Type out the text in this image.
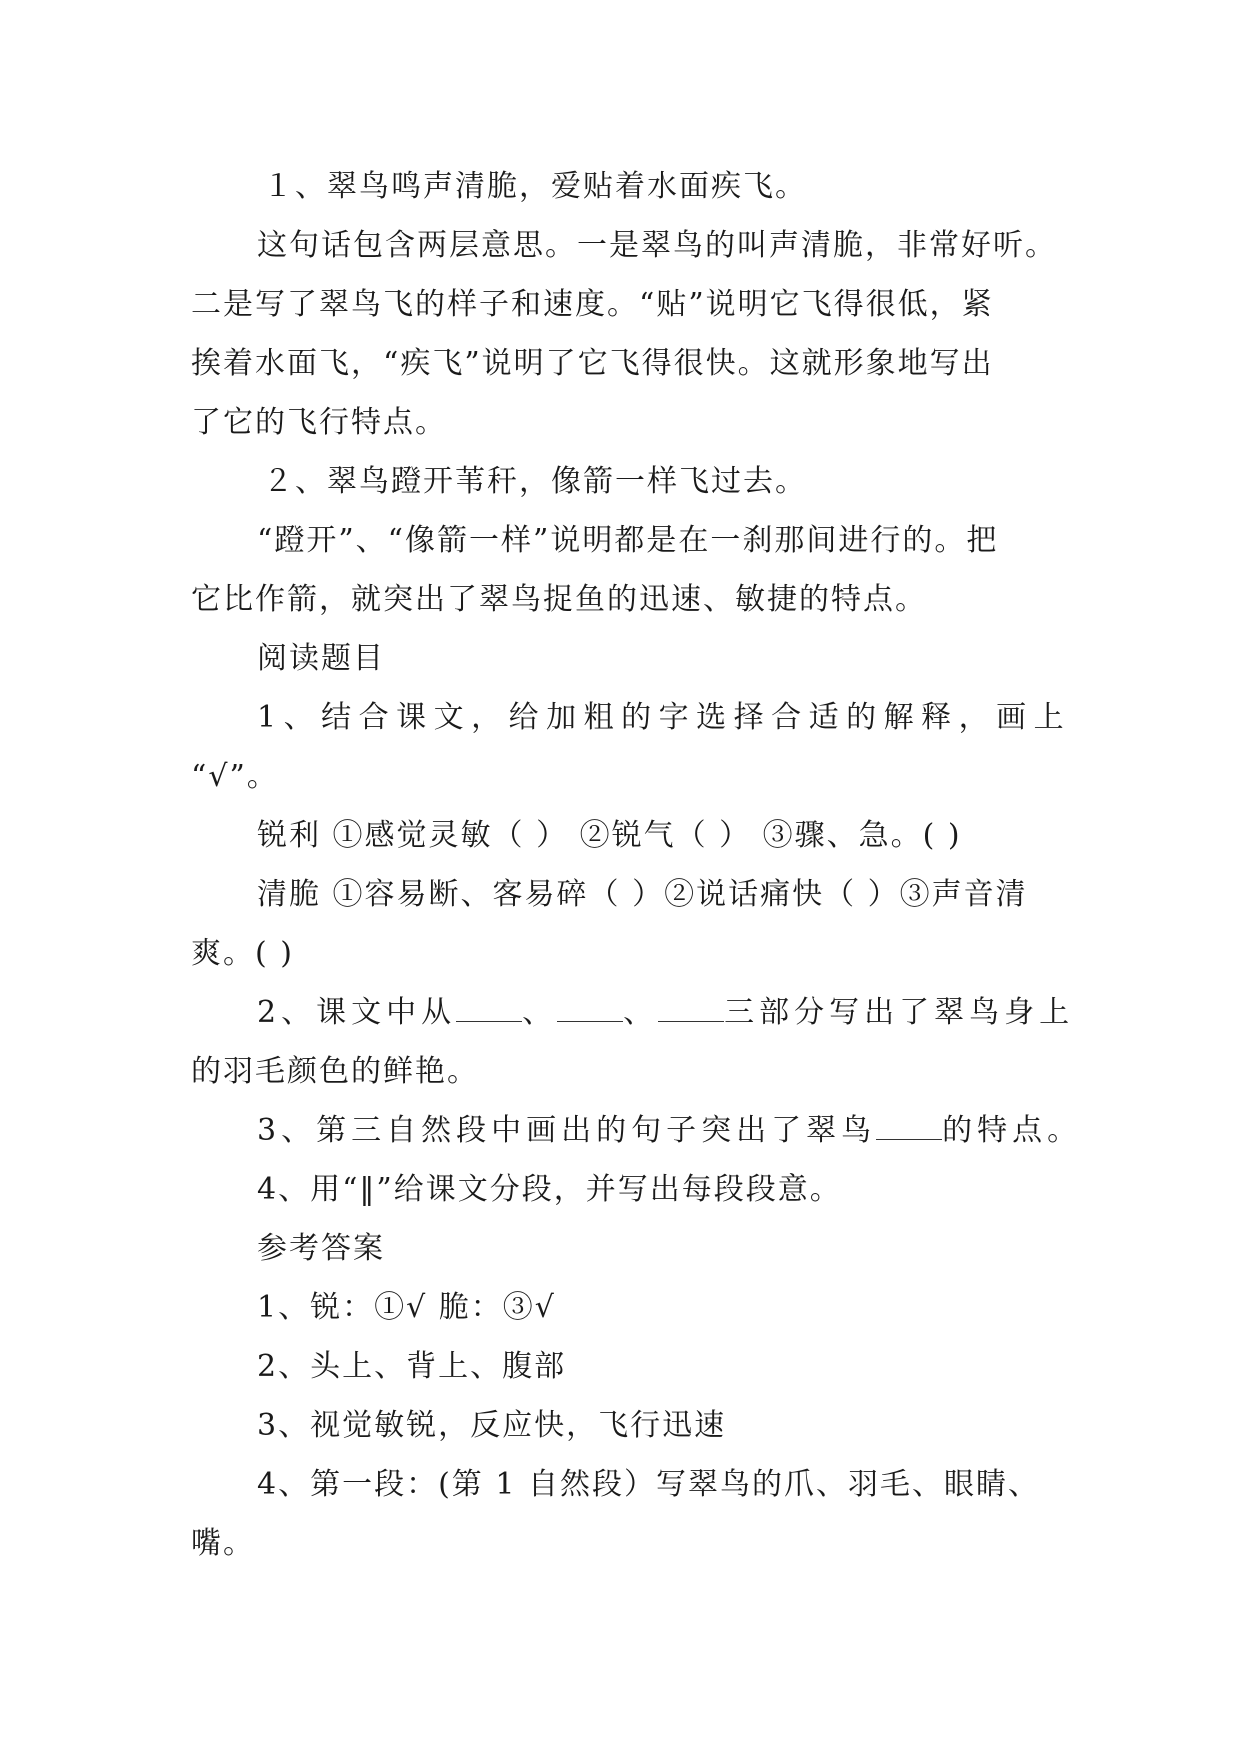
１、翠鸟鸣声清脆，爱贴着水面疾飞。
这句话包含两层意思。一是翠鸟的叫声清脆，非常好听。
二是写了翠鸟飞的样子和速度。“贴”说明它飞得很低，紧
挨着水面飞，“疾飞”说明了它飞得很快。这就形象地写出
了它的飞行特点。
２、翠鸟蹬开苇秆，像箭一样飞过去。
“蹬开”、“像箭一样”说明都是在一刹那间进行的。把
它比作箭，就突出了翠鸟捉鱼的迅速、敏捷的特点。
阅读题目
1、结合课文，给加粗的字选择合适的解释，画上
“√”。
锐利 ①感觉灵敏（ ） ②锐气（ ） ③骤、急。( )
清脆 ①容易断、客易碎（ ）②说话痛快（ ）③声音清
爽。( )
2、课文中从 、 、 三部分写出了翠鸟身上
的羽毛颜色的鲜艳。
3、第三自然段中画出的句子突出了翠鸟 的特点。
4、用“‖”给课文分段，并写出每段段意。
参考答案
1、锐：①√ 脆：③√
2、头上、背上、腹部
3、视觉敏锐，反应快，飞行迅速
4、第一段：(第 1 自然段）写翠鸟的爪、羽毛、眼睛、
嘴。
